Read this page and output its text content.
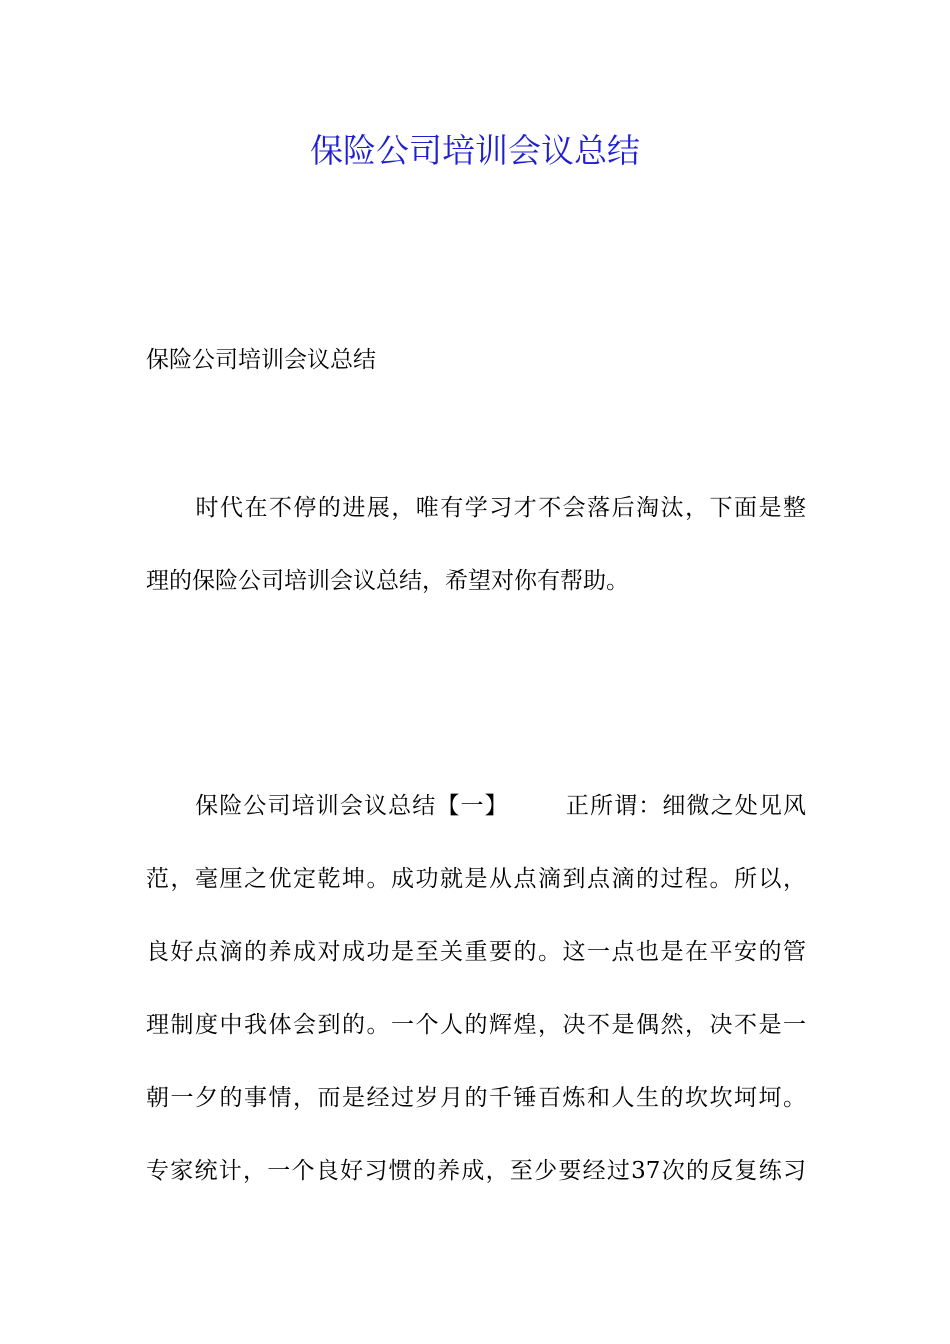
保险公司培训会议总结

保险公司培训会议总结

时代在不停的进展，唯有学习才不会落后淘汰，下面是整
理的保险公司培训会议总结，希望对你有帮助。
保险公司培训会议总结【一】 正所谓：细微之处见风
范，毫厘之优定乾坤。成功就是从点滴到点滴的过程。所以，
良好点滴的养成对成功是至关重要的。这一点也是在平安的管
理制度中我体会到的。一个人的辉煌，决不是偶然，决不是一
朝一夕的事情，而是经过岁月的千锤百炼和人生的坎坎坷坷。
专家统计，一个良好习惯的养成，至少要经过37次的反复练习
